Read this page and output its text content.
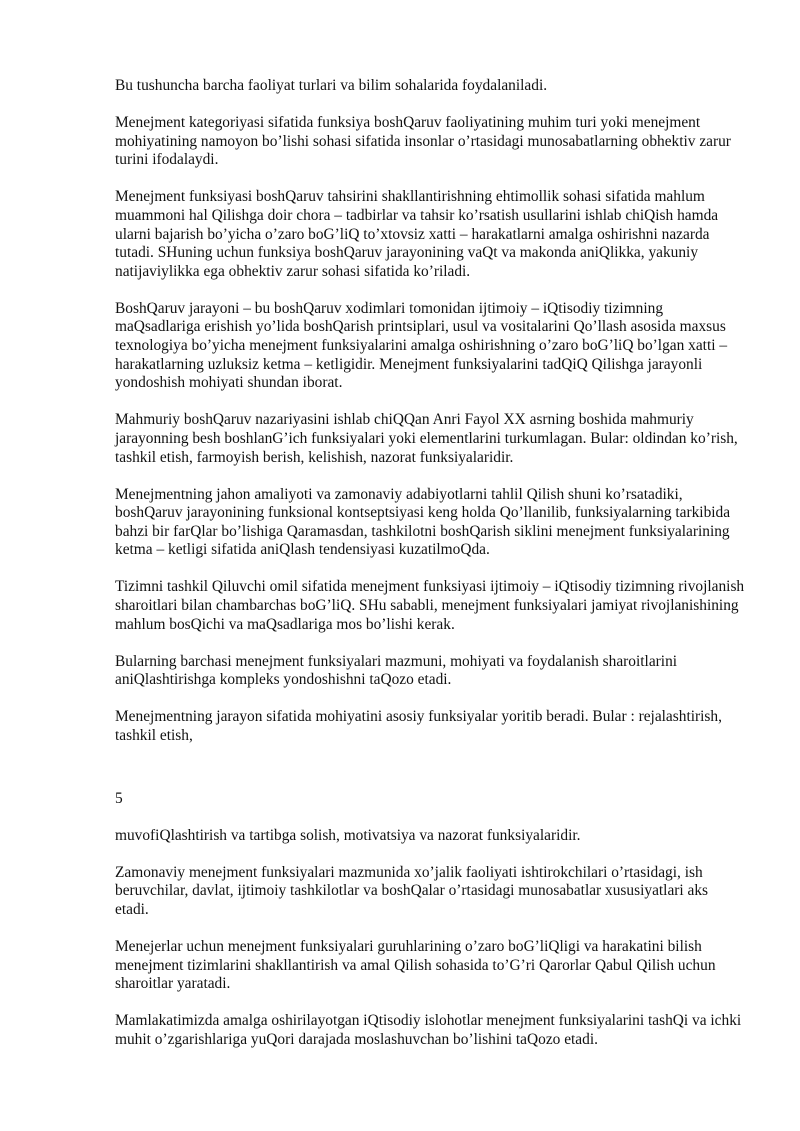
Bu tushuncha barcha faoliyat turlari va bilim sohalarida foydalaniladi.

Menejment kategoriyasi sifatida funksiya boshQaruv faoliyatining muhim turi yoki menejment mohiyatining namoyon bo’lishi sohasi sifatida insonlar o’rtasidagi munosabatlarning obhektiv zarur turini ifodalaydi.

Menejment funksiyasi boshQaruv tahsirini shakllantirishning ehtimollik sohasi sifatida mahlum muammoni hal Qilishga doir chora – tadbirlar va tahsir ko’rsatish usullarini ishlab chiQish hamda ularni bajarish bo’yicha o’zaro boG’liQ to’xtovsiz xatti – harakatlarni amalga oshirishni nazarda tutadi. SHuning uchun funksiya boshQaruv jarayonining vaQt va makonda aniQlikka, yakuniy natijaviylikka ega obhektiv zarur sohasi sifatida ko’riladi.

BoshQaruv jarayoni – bu boshQaruv xodimlari tomonidan ijtimoiy – iQtisodiy tizimning maQsadlariga erishish yo’lida boshQarish printsiplari, usul va vositalarini Qo’llash asosida maxsus texnologiya bo’yicha menejment funksiyalarini amalga oshirishning o’zaro boG’liQ bo’lgan xatti – harakatlarning uzluksiz ketma – ketligidir. Menejment funksiyalarini tadQiQ Qilishga jarayonli yondoshish mohiyati shundan iborat.

Mahmuriy boshQaruv nazariyasini ishlab chiQQan Anri Fayol XX asrning boshida mahmuriy jarayonning besh boshlanG’ich funksiyalari yoki elementlarini turkumlagan. Bular: oldindan ko’rish, tashkil etish, farmoyish berish, kelishish, nazorat funksiyalaridir.

Menejmentning jahon amaliyoti va zamonaviy adabiyotlarni tahlil Qilish shuni ko’rsatadiki, boshQaruv jarayonining funksional kontseptsiyasi keng holda Qo’llanilib, funksiyalarning tarkibida bahzi bir farQlar bo’lishiga Qaramasdan, tashkilotni boshQarish siklini menejment funksiyalarining ketma – ketligi sifatida aniQlash tendensiyasi kuzatilmoQda.

Tizimni tashkil Qiluvchi omil sifatida menejment funksiyasi ijtimoiy – iQtisodiy tizimning rivojlanish sharoitlari bilan chambarchas boG’liQ. SHu sababli, menejment funksiyalari jamiyat rivojlanishining mahlum bosQichi va maQsadlariga mos bo’lishi kerak.

Bularning barchasi menejment funksiyalari mazmuni, mohiyati va foydalanish sharoitlarini aniQlashtirishga kompleks yondoshishni taQozo etadi.

Menejmentning jarayon sifatida mohiyatini asosiy funksiyalar yoritib beradi. Bular : rejalashtirish, tashkil etish,

5

muvofiQlashtirish va tartibga solish, motivatsiya va nazorat funksiyalaridir.

Zamonaviy menejment funksiyalari mazmunida xo’jalik faoliyati ishtirokchilari o’rtasidagi, ish beruvchilar, davlat, ijtimoiy tashkilotlar va boshQalar o’rtasidagi munosabatlar xususiyatlari aks etadi.

Menejerlar uchun menejment funksiyalari guruhlarining o’zaro boG’liQligi va harakatini bilish menejment tizimlarini shakllantirish va amal Qilish sohasida to’G’ri Qarorlar Qabul Qilish uchun sharoitlar yaratadi.

Mamlakatimizda amalga oshirilayotgan iQtisodiy islohotlar menejment funksiyalarini tashQi va ichki muhit o’zgarishlariga yuQori darajada moslashuvchan bo’lishini taQozo etadi.
